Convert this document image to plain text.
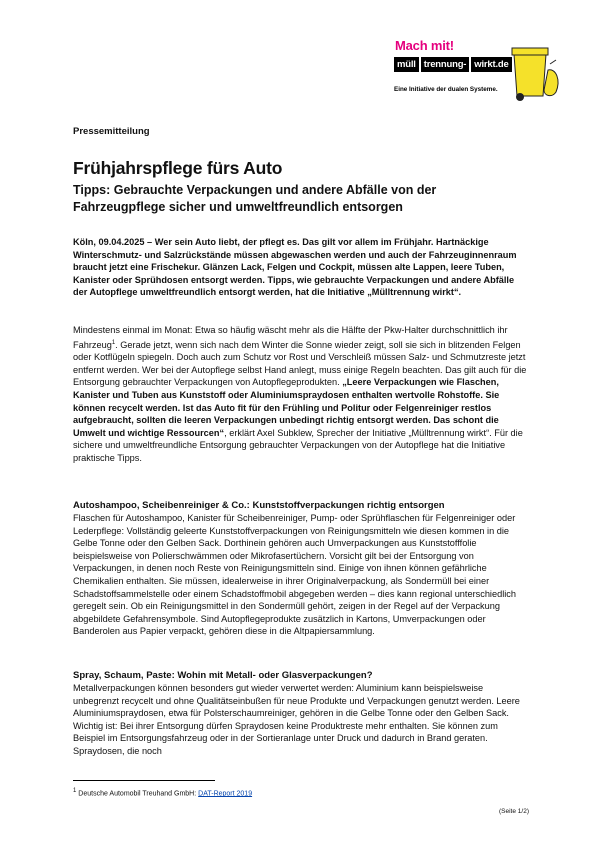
Mach mit!
müll trennung- wirkt.de
Eine Initiative der dualen Systeme.
Pressemitteilung
Frühjahrspflege fürs Auto
Tipps: Gebrauchte Verpackungen und andere Abfälle von der Fahrzeugpflege sicher und umweltfreundlich entsorgen
Köln, 09.04.2025 – Wer sein Auto liebt, der pflegt es. Das gilt vor allem im Frühjahr. Hartnäckige Winterschmutz- und Salzrückstände müssen abgewaschen werden und auch der Fahrzeuginnenraum braucht jetzt eine Frischekur. Glänzen Lack, Felgen und Cockpit, müssen alte Lappen, leere Tuben, Kanister oder Sprühdosen entsorgt werden. Tipps, wie gebrauchte Verpackungen und andere Abfälle der Autopflege umweltfreundlich entsorgt werden, hat die Initiative „Mülltrennung wirkt“.
Mindestens einmal im Monat: Etwa so häufig wäscht mehr als die Hälfte der Pkw-Halter durchschnittlich ihr Fahrzeug$^1$. Gerade jetzt, wenn sich nach dem Winter die Sonne wieder zeigt, soll sie sich in blitzenden Felgen oder Kotflügeln spiegeln. Doch auch zum Schutz vor Rost und Verschleiß müssen Salz- und Schmutzreste jetzt entfernt werden. Wer bei der Autopflege selbst Hand anlegt, muss einige Regeln beachten. Das gilt auch für die Entsorgung gebrauchter Verpackungen von Autopflegeprodukten. „Leere Verpackungen wie Flaschen, Kanister und Tuben aus Kunststoff oder Aluminiumspraydosen enthalten wertvolle Rohstoffe. Sie können recycelt werden. Ist das Auto fit für den Frühling und Politur oder Felgenreiniger restlos aufgebraucht, sollten die leeren Verpackungen unbedingt richtig entsorgt werden. Das schont die Umwelt und wichtige Ressourcen“, erklärt Axel Subklew, Sprecher der Initiative „Mülltrennung wirkt“. Für die sichere und umweltfreundliche Entsorgung gebrauchter Verpackungen von der Autopflege hat die Initiative praktische Tipps.
Autoshampoo, Scheibenreiniger & Co.: Kunststoffverpackungen richtig entsorgen
Flaschen für Autoshampoo, Kanister für Scheibenreiniger, Pump- oder Sprühflaschen für Felgenreiniger oder Lederpflege: Vollständig geleerte Kunststoffverpackungen von Reinigungsmitteln wie diesen kommen in die Gelbe Tonne oder den Gelben Sack. Dorthinein gehören auch Umverpackungen aus Kunststofffolie beispielsweise von Polierschwämmen oder Mikrofasertüchern. Vorsicht gilt bei der Entsorgung von Verpackungen, in denen noch Reste von Reinigungsmitteln sind. Einige von ihnen können gefährliche Chemikalien enthalten. Sie müssen, idealerweise in ihrer Originalverpackung, als Sondermüll bei einer Schadstoffsammelstelle oder einem Schadstoffmobil abgegeben werden – dies kann regional unterschiedlich geregelt sein. Ob ein Reinigungsmittel in den Sondermüll gehört, zeigen in der Regel auf der Verpackung abgebildete Gefahrensymbole. Sind Autopflegeprodukte zusätzlich in Kartons, Umverpackungen oder Banderolen aus Papier verpackt, gehören diese in die Altpapiersammlung.
Spray, Schaum, Paste: Wohin mit Metall- oder Glasverpackungen?
Metallverpackungen können besonders gut wieder verwertet werden: Aluminium kann beispielsweise unbegrenzt recycelt und ohne Qualitätseinbußen für neue Produkte und Verpackungen genutzt werden. Leere Aluminiumspraydosen, etwa für Polsterschaumreiniger, gehören in die Gelbe Tonne oder den Gelben Sack. Wichtig ist: Bei ihrer Entsorgung dürfen Spraydosen keine Produktreste mehr enthalten. Sie können zum Beispiel im Entsorgungsfahrzeug oder in der Sortieranlage unter Druck und dadurch in Brand geraten. Spraydosen, die noch
$^1$ Deutsche Automobil Treuhand GmbH: DAT-Report 2019
(Seite 1/2)
